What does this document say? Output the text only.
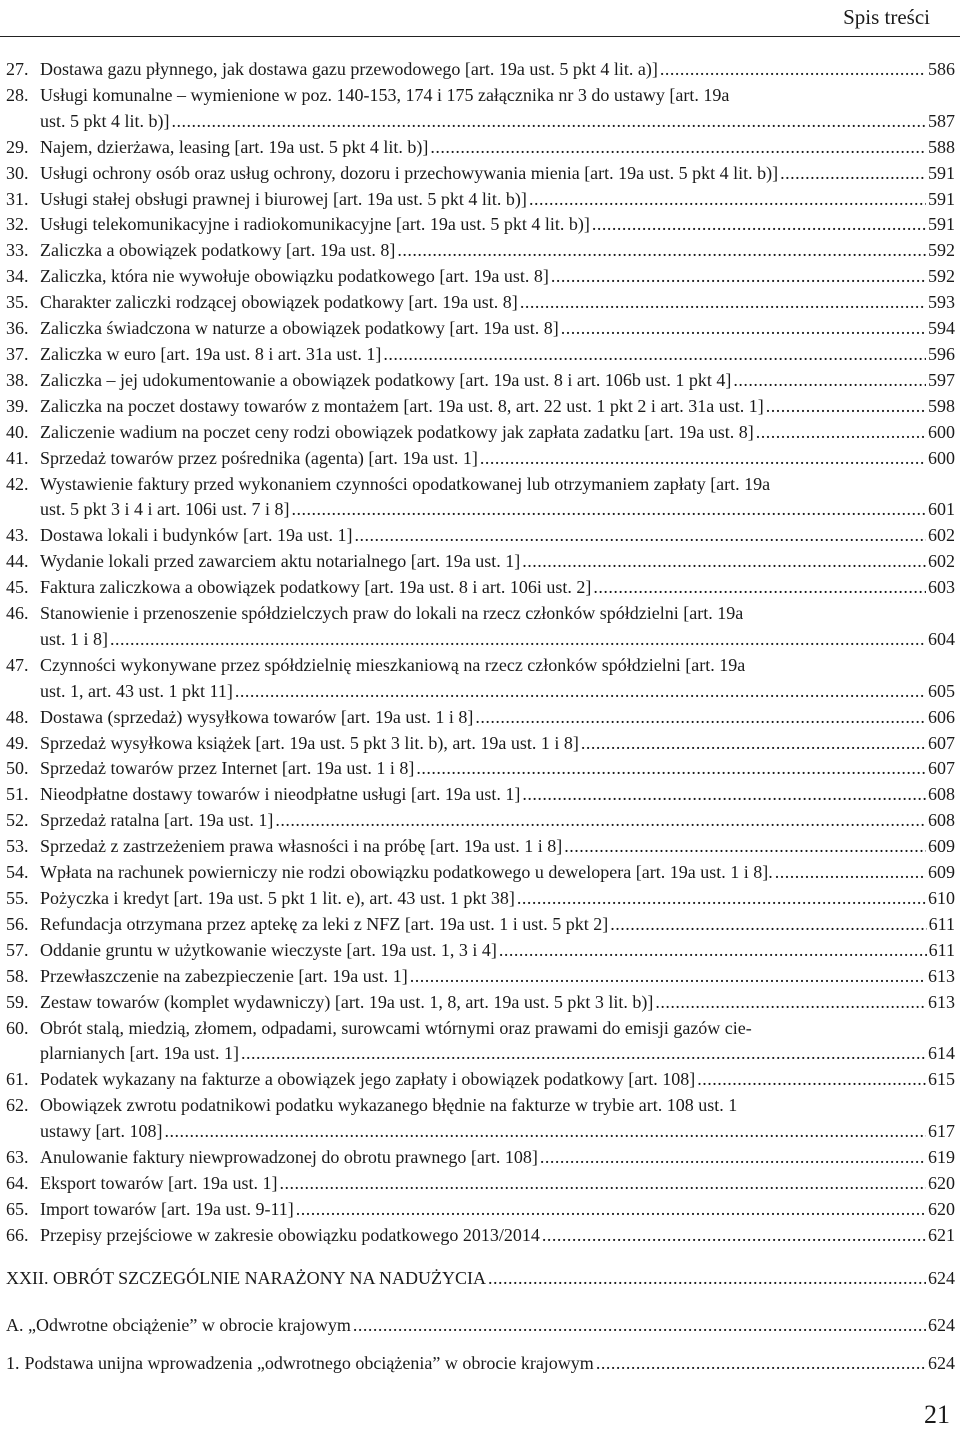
Spis treści
27. Dostawa gazu płynnego, jak dostawa gazu przewodowego [art. 19a ust. 5 pkt 4 lit. a)] .....	586
28. Usługi komunalne – wymienione w poz. 140-153, 174 i 175 załącznika nr 3 do ustawy [art. 19a
ust. 5 pkt 4 lit. b)] .....	587
29. Najem, dzierżawa, leasing [art. 19a ust. 5 pkt 4 lit. b)] .....	588
30. Usługi ochrony osób oraz usług ochrony, dozoru i przechowywania mienia [art. 19a ust. 5 pkt 4 lit. b)] .....	591
31. Usługi stałej obsługi prawnej i biurowej [art. 19a ust. 5 pkt 4 lit. b)] .....	591
32. Usługi telekomunikacyjne i radiokomunikacyjne [art. 19a ust. 5 pkt 4 lit. b)] .....	591
33. Zaliczka a obowiązek podatkowy [art. 19a ust. 8] .....	592
34. Zaliczka, która nie wywołuje obowiązku podatkowego [art. 19a ust. 8] .....	592
35. Charakter zaliczki rodzącej obowiązek podatkowy [art. 19a ust. 8] .....	593
36. Zaliczka świadczona w naturze a obowiązek podatkowy [art. 19a ust. 8] .....	594
37. Zaliczka w euro [art. 19a ust. 8 i art. 31a ust. 1] .....	596
38. Zaliczka – jej udokumentowanie a obowiązek podatkowy [art. 19a ust. 8 i art. 106b ust. 1 pkt 4] .....	597
39. Zaliczka na poczet dostawy towarów z montażem [art. 19a ust. 8, art. 22 ust. 1 pkt 2 i art. 31a ust. 1] .....	598
40. Zaliczenie wadium na poczet ceny rodzi obowiązek podatkowy jak zapłata zadatku [art. 19a ust. 8] .....	600
41. Sprzedaż towarów przez pośrednika (agenta) [art. 19a ust. 1] .....	600
42. Wystawienie faktury przed wykonaniem czynności opodatkowanej lub otrzymaniem zapłaty [art. 19a
ust. 5 pkt 3 i 4 i art. 106i ust. 7 i 8] .....	601
43. Dostawa lokali i budynków [art. 19a ust. 1] .....	602
44. Wydanie lokali przed zawarciem aktu notarialnego [art. 19a ust. 1] .....	602
45. Faktura zaliczkowa a obowiązek podatkowy [art. 19a ust. 8 i art. 106i ust. 2] .....	603
46. Stanowienie i przenoszenie spółdzielczych praw do lokali na rzecz członków spółdzielni [art. 19a
ust. 1 i 8] .....	604
47. Czynności wykonywane przez spółdzielnię mieszkaniową na rzecz członków spółdzielni [art. 19a
ust. 1, art. 43 ust. 1 pkt 11] .....	605
48. Dostawa (sprzedaż) wysyłkowa towarów [art. 19a ust. 1 i 8] .....	606
49. Sprzedaż wysyłkowa książek [art. 19a ust. 5 pkt 3 lit. b), art. 19a ust. 1 i 8] .....	607
50. Sprzedaż towarów przez Internet [art. 19a ust. 1 i 8] .....	607
51. Nieodpłatne dostawy towarów i nieodpłatne usługi [art. 19a ust. 1] .....	608
52. Sprzedaż ratalna [art. 19a ust. 1] .....	608
53. Sprzedaż z zastrzeżeniem prawa własności i na próbę [art. 19a ust. 1 i 8] .....	609
54. Wpłata na rachunek powierniczy nie rodzi obowiązku podatkowego u dewelopera [art. 19a ust. 1 i 8]. .....	609
55. Pożyczka i kredyt [art. 19a ust. 5 pkt 1 lit. e), art. 43 ust. 1 pkt 38] .....	610
56. Refundacja otrzymana przez aptekę za leki z NFZ [art. 19a ust. 1 i ust. 5 pkt 2] .....	611
57. Oddanie gruntu w użytkowanie wieczyste [art. 19a ust. 1, 3 i 4] .....	611
58. Przewłaszczenie na zabezpieczenie [art. 19a ust. 1] .....	613
59. Zestaw towarów (komplet wydawniczy) [art. 19a ust. 1, 8, art. 19a ust. 5 pkt 3 lit. b)] .....	613
60. Obrót stalą, miedzią, złomem, odpadami, surowcami wtórnymi oraz prawami do emisji gazów cie-
plarnianych [art. 19a ust. 1] .....	614
61. Podatek wykazany na fakturze a obowiązek jego zapłaty i obowiązek podatkowy [art. 108] .....	615
62. Obowiązek zwrotu podatnikowi podatku wykazanego błędnie na fakturze w trybie art. 108 ust. 1
ustawy [art. 108] .....	617
63. Anulowanie faktury niewprowadzonej do obrotu prawnego [art. 108] .....	619
64. Eksport towarów [art. 19a ust. 1] .....	620
65. Import towarów [art. 19a ust. 9-11] .....	620
66. Przepisy przejściowe w zakresie obowiązku podatkowego 2013/2014 .....	621
XXII. OBRÓT SZCZEGÓLNIE NARAŻONY NA NADUŻYCIA .....	624
A. „Odwrotne obciążenie” w obrocie krajowym .....	624
1. Podstawa unijna wprowadzenia „odwrotnego obciążenia” w obrocie krajowym .....	624
21
